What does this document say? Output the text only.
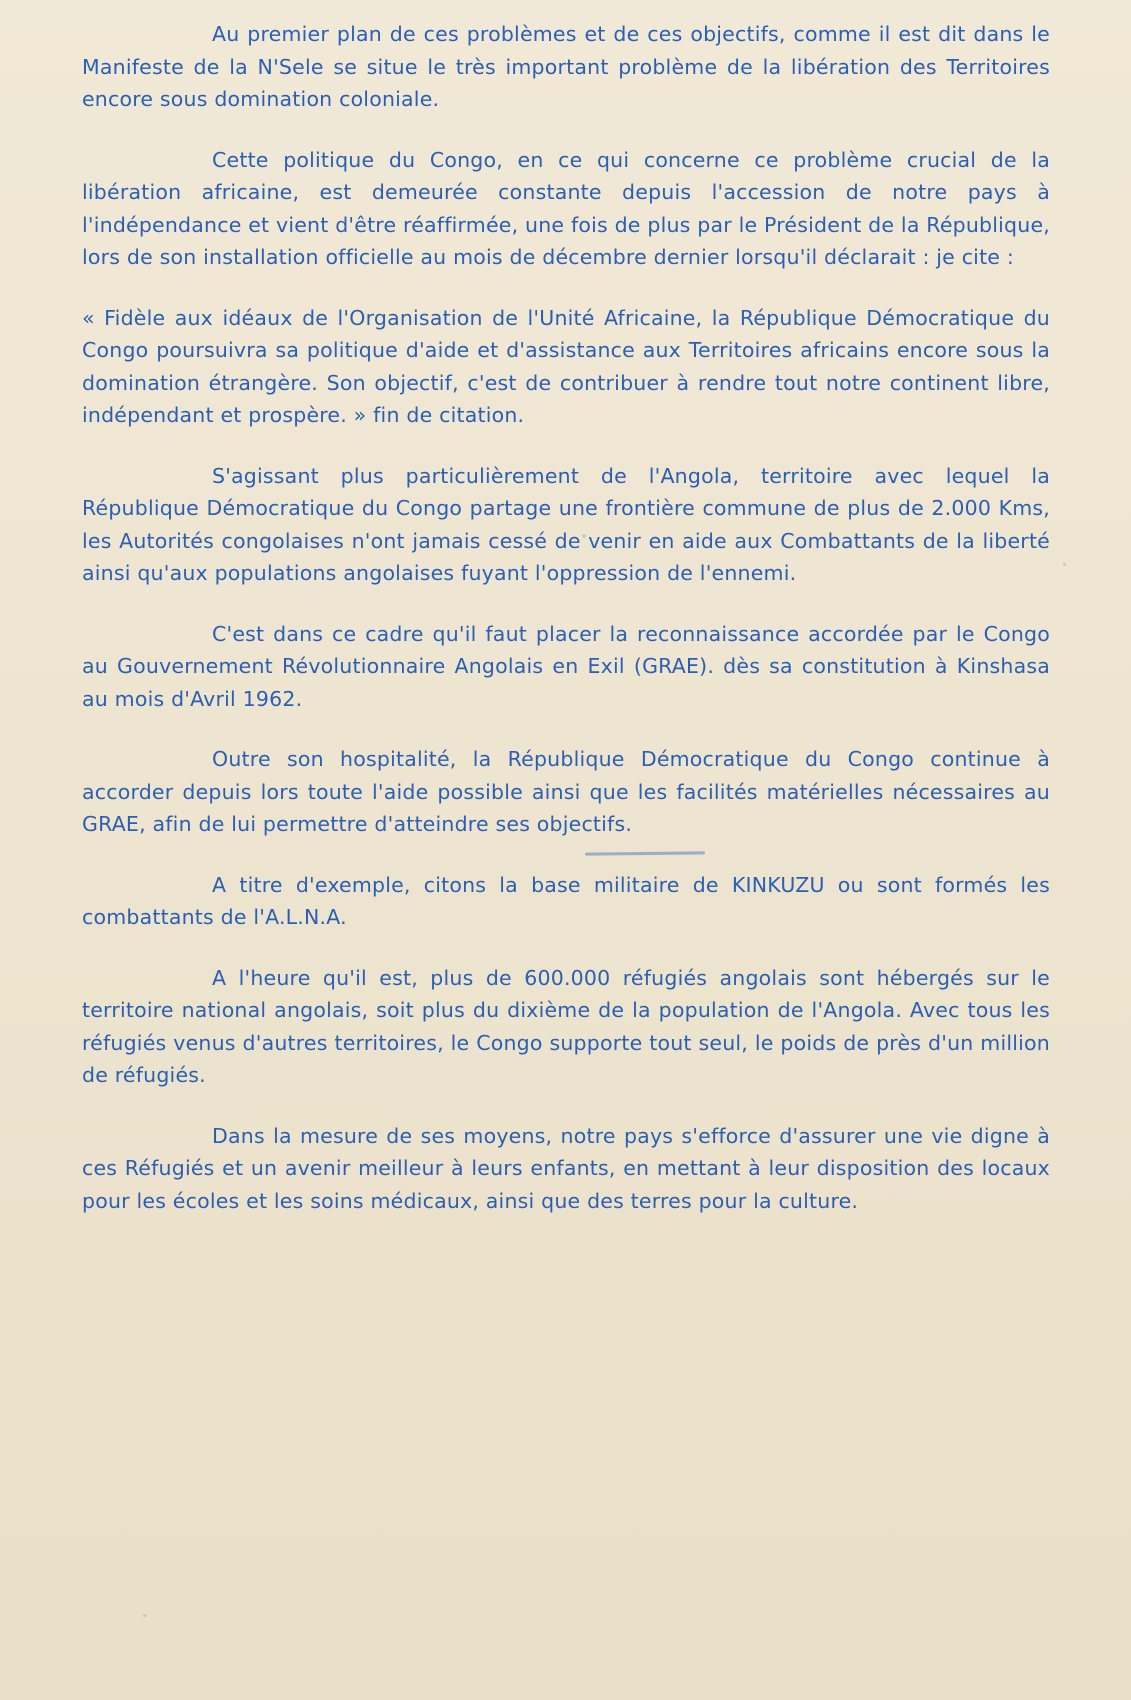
Au premier plan de ces problèmes et de ces objectifs, comme il est dit dans le Manifeste de la N'Sele se situe le très important problème de la libération des Territoires encore sous domination coloniale.

Cette politique du Congo, en ce qui concerne ce problème crucial de la libération africaine, est demeurée constante depuis l'accession de notre pays à l'indépendance et vient d'être réaffirmée, une fois de plus par le Président de la République, lors de son installation officielle au mois de décembre dernier lorsqu'il déclarait : je cite :

« Fidèle aux idéaux de l'Organisation de l'Unité Africaine, la République Démocratique du Congo poursuivra sa politique d'aide et d'assistance aux Territoires africains encore sous la domination étrangère. Son objectif, c'est de contribuer à rendre tout notre continent libre, indépendant et prospère. » fin de citation.

S'agissant plus particulièrement de l'Angola, territoire avec lequel la République Démocratique du Congo partage une frontière commune de plus de 2.000 Kms, les Autorités congolaises n'ont jamais cessé de venir en aide aux Combattants de la liberté ainsi qu'aux populations angolaises fuyant l'oppression de l'ennemi.

C'est dans ce cadre qu'il faut placer la reconnaissance accordée par le Congo au Gouvernement Révolutionnaire Angolais en Exil (GRAE). dès sa constitution à Kinshasa au mois d'Avril 1962.

Outre son hospitalité, la République Démocratique du Congo continue à accorder depuis lors toute l'aide possible ainsi que les facilités matérielles nécessaires au GRAE, afin de lui permettre d'atteindre ses objectifs.

A titre d'exemple, citons la base militaire de KINKUZU ou sont formés les combattants de l'A.L.N.A.

A l'heure qu'il est, plus de 600.000 réfugiés angolais sont hébergés sur le territoire national angolais, soit plus du dixième de la population de l'Angola. Avec tous les réfugiés venus d'autres territoires, le Congo supporte tout seul, le poids de près d'un million de réfugiés.

Dans la mesure de ses moyens, notre pays s'efforce d'assurer une vie digne à ces Réfugiés et un avenir meilleur à leurs enfants, en mettant à leur disposition des locaux pour les écoles et les soins médicaux, ainsi que des terres pour la culture.
